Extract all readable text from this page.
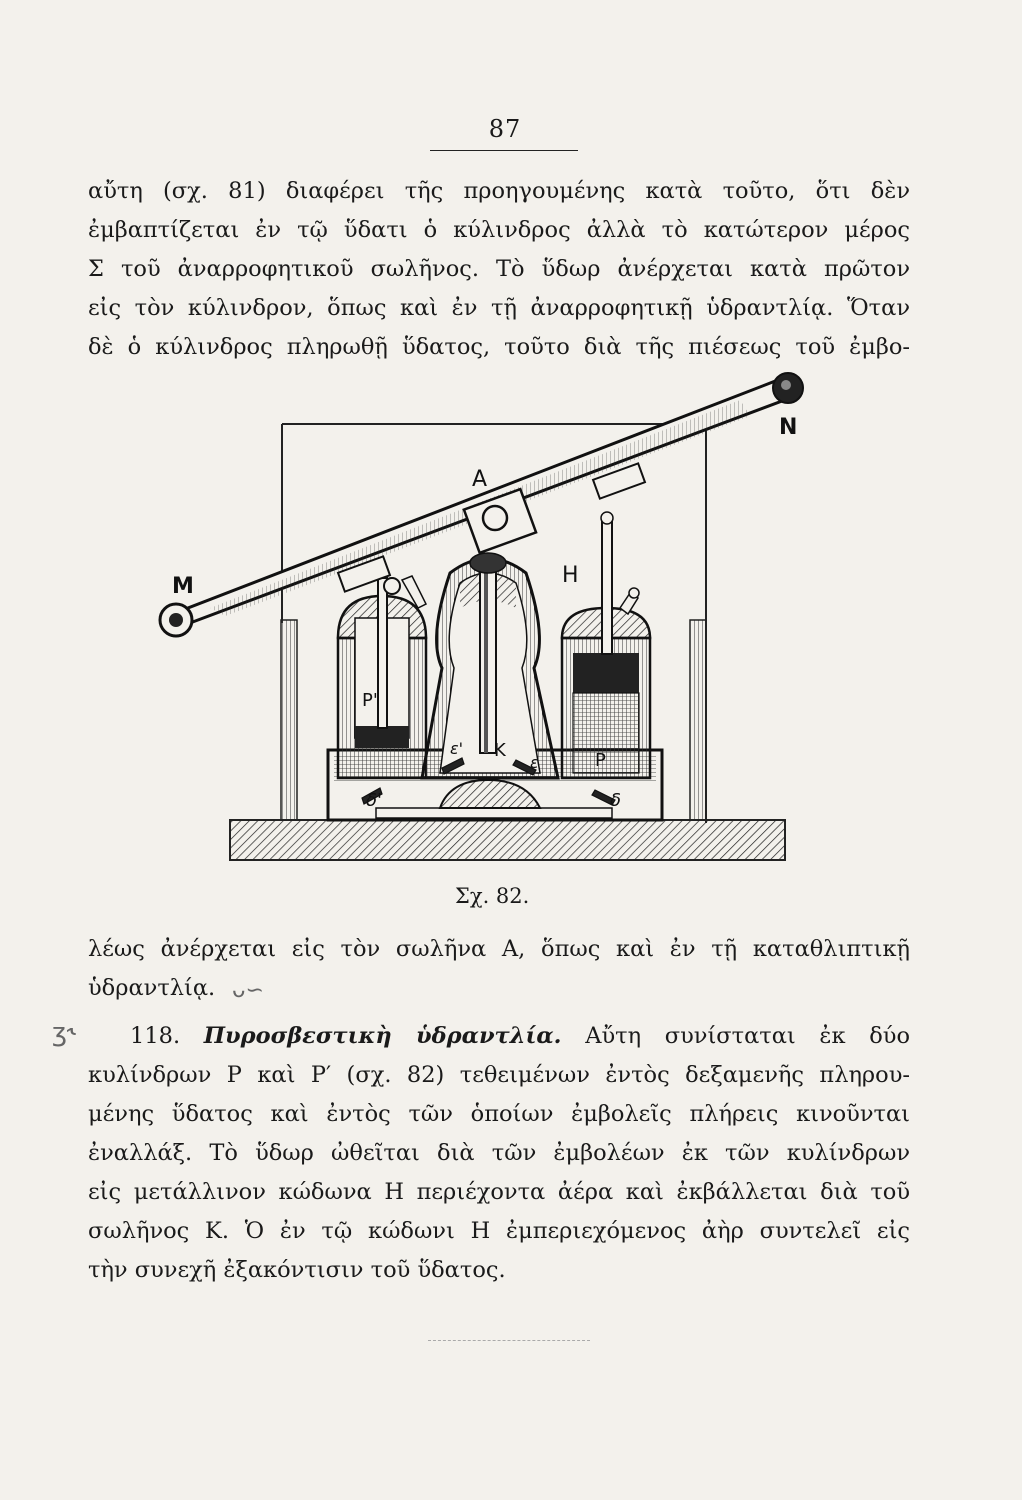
87

αὔτη (σχ. 81) διαφέρει τῆς προηγουμένης κατὰ τοῦτο, ὅτι δὲν
ἐμβαπτίζεται ἐν τῷ ὕδατι ὁ κύλινδρος ἀλλὰ τὸ κατώτερον μέρος
Σ τοῦ ἀναρροφητικοῦ σωλῆνος. Τὸ ὕδωρ ἀνέρχεται κατὰ πρῶτον
εἰς τὸν κύλινδρον, ὅπως καὶ ἐν τῇ ἀναρροφητικῇ ὑδραντλίᾳ. Ὅταν
δὲ ὁ κύλινδρος πληρωθῇ ὕδατος, τοῦτο διὰ τῆς πιέσεως τοῦ ἐμβο-

A
N
M	H
K	P
P'
ε
ε'
δ
δ'
Σχ. 82.

λέως ἀνέρχεται εἰς τὸν σωλῆνα Α, ὅπως καὶ ἐν τῇ καταθλιπτικῇ
ὑδραντλίᾳ. ᴗ∽

118. Πυροσβεστικὴ ὑδραντλία. Αὔτη συνίσταται ἐκ δύο
κυλίνδρων Ρ καὶ Ρ′ (σχ. 82) τεθειμένων ἐντὸς δεξαμενῆς πληρου-
μένης ὕδατος καὶ ἐντὸς τῶν ὁποίων ἐμβολεῖς πλήρεις κινοῦνται
ἐναλλάξ. Τὸ ὕδωρ ὠθεῖται διὰ τῶν ἐμβολέων ἐκ τῶν κυλίνδρων
εἰς μετάλλινον κώδωνα Η περιέχοντα ἀέρα καὶ ἐκβάλλεται διὰ τοῦ
σωλῆνος Κ. Ὁ ἐν τῷ κώδωνι Η ἐμπεριεχόμενος ἀὴρ συντελεῖ εἰς
τὴν συνεχῆ ἐξακόντισιν τοῦ ὕδατος.

ʒ˞
